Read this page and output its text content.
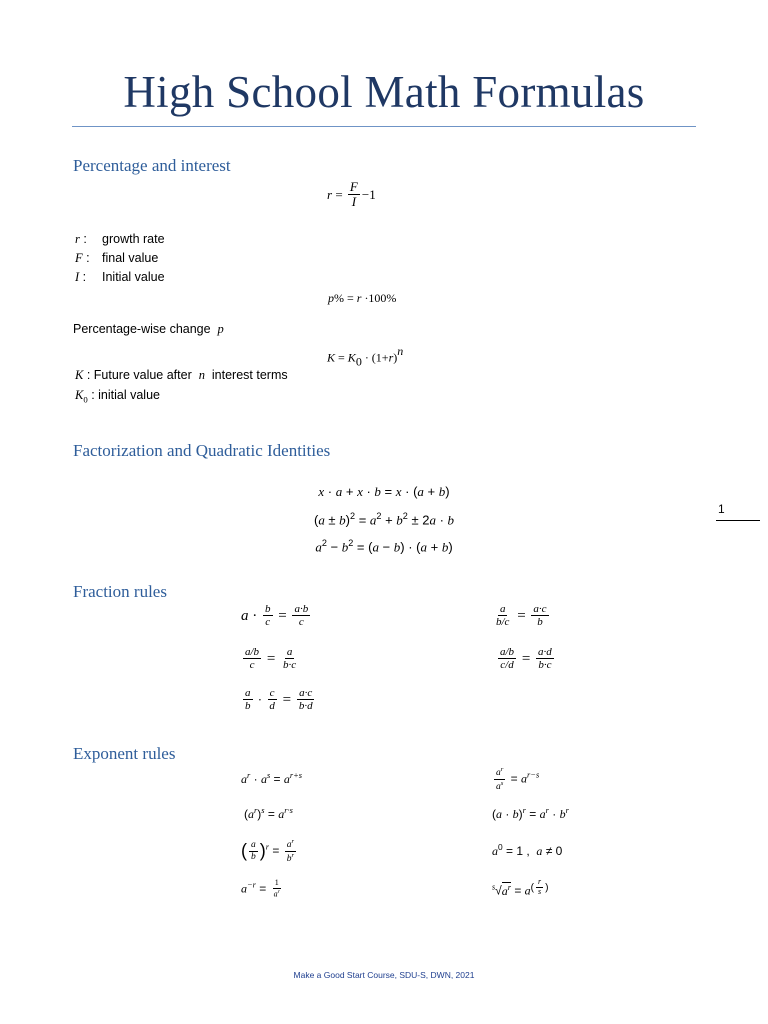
High School Math Formulas
Percentage and interest
$r = \frac{F}{I} -1$
r : growth rate
F : final value
I : Initial value
p% = r ·100%
Percentage-wise change p
$K = K_0 \cdot (1+r)^n$
K : Future value after n interest terms
$K_0$ : initial value
Factorization and Quadratic Identities
x · a + x · b = x · (a + b)
$(a \pm b)^2 = a^2 + b^2 \pm 2a \cdot b$
$a^2 - b^2 = (a - b) \cdot (a + b)$
1
Fraction rules
$a \cdot \frac{b}{c} = \frac{a\cdot b}{c}$	$\frac{a}{b/c} = \frac{a\cdot c}{b}$
$\frac{a/b}{c} = \frac{a}{b\cdot c}$	$\frac{a/b}{c/d} = \frac{a\cdot d}{b\cdot c}$
$\frac{a}{b} \cdot \frac{c}{d} = \frac{a\cdot c}{b\cdot d}$
Exponent rules
$a^r \cdot a^s = a^{r+s}$	$\frac{a^r}{a^s} = a^{r-s}$
$(a^r)^s = a^{r\cdot s}$	$(a \cdot b)^r = a^r \cdot b^r$
( $\frac{a}{b} )^r = \frac{a^r}{b^r}$	$a^0 = 1$ ,  a ≠ 0
$a^{-r} = \frac{1}{a^r}$	$^s√a^r = a^{( \frac{r}{s} )}$
Make a Good Start Course, SDU-S, DWN, 2021
